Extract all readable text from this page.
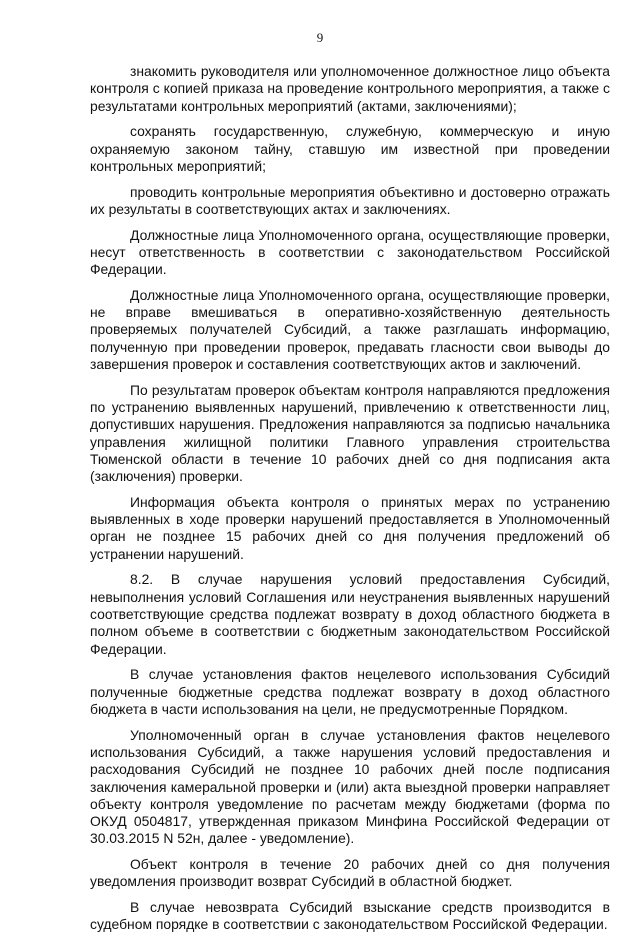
9

знакомить руководителя или уполномоченное должностное лицо объекта контроля с копией приказа на проведение контрольного мероприятия, а также с результатами контрольных мероприятий (актами, заключениями);

сохранять государственную, служебную, коммерческую и иную охраняемую законом тайну, ставшую им известной при проведении контрольных мероприятий;

проводить контрольные мероприятия объективно и достоверно отражать их результаты в соответствующих актах и заключениях.

Должностные лица Уполномоченного органа, осуществляющие проверки, несут ответственность в соответствии с законодательством Российской Федерации.

Должностные лица Уполномоченного органа, осуществляющие проверки, не вправе вмешиваться в оперативно-хозяйственную деятельность проверяемых получателей Субсидий, а также разглашать информацию, полученную при проведении проверок, предавать гласности свои выводы до завершения проверок и составления соответствующих актов и заключений.

По результатам проверок объектам контроля направляются предложения по устранению выявленных нарушений, привлечению к ответственности лиц, допустивших нарушения. Предложения направляются за подписью начальника управления жилищной политики Главного управления строительства Тюменской области в течение 10 рабочих дней со дня подписания акта (заключения) проверки.

Информация объекта контроля о принятых мерах по устранению выявленных в ходе проверки нарушений предоставляется в Уполномоченный орган не позднее 15 рабочих дней со дня получения предложений об устранении нарушений.

8.2. В случае нарушения условий предоставления Субсидий, невыполнения условий Соглашения или неустранения выявленных нарушений соответствующие средства подлежат возврату в доход областного бюджета в полном объеме в соответствии с бюджетным законодательством Российской Федерации.

В случае установления фактов нецелевого использования Субсидий полученные бюджетные средства подлежат возврату в доход областного бюджета в части использования на цели, не предусмотренные Порядком.

Уполномоченный орган в случае установления фактов нецелевого использования Субсидий, а также нарушения условий предоставления и расходования Субсидий не позднее 10 рабочих дней после подписания заключения камеральной проверки и (или) акта выездной проверки направляет объекту контроля уведомление по расчетам между бюджетами (форма по ОКУД 0504817, утвержденная приказом Минфина Российской Федерации от 30.03.2015 N 52н, далее - уведомление).

Объект контроля в течение 20 рабочих дней со дня получения уведомления производит возврат Субсидий в областной бюджет.

В случае невозврата Субсидий взыскание средств производится в судебном порядке в соответствии с законодательством Российской Федерации.
